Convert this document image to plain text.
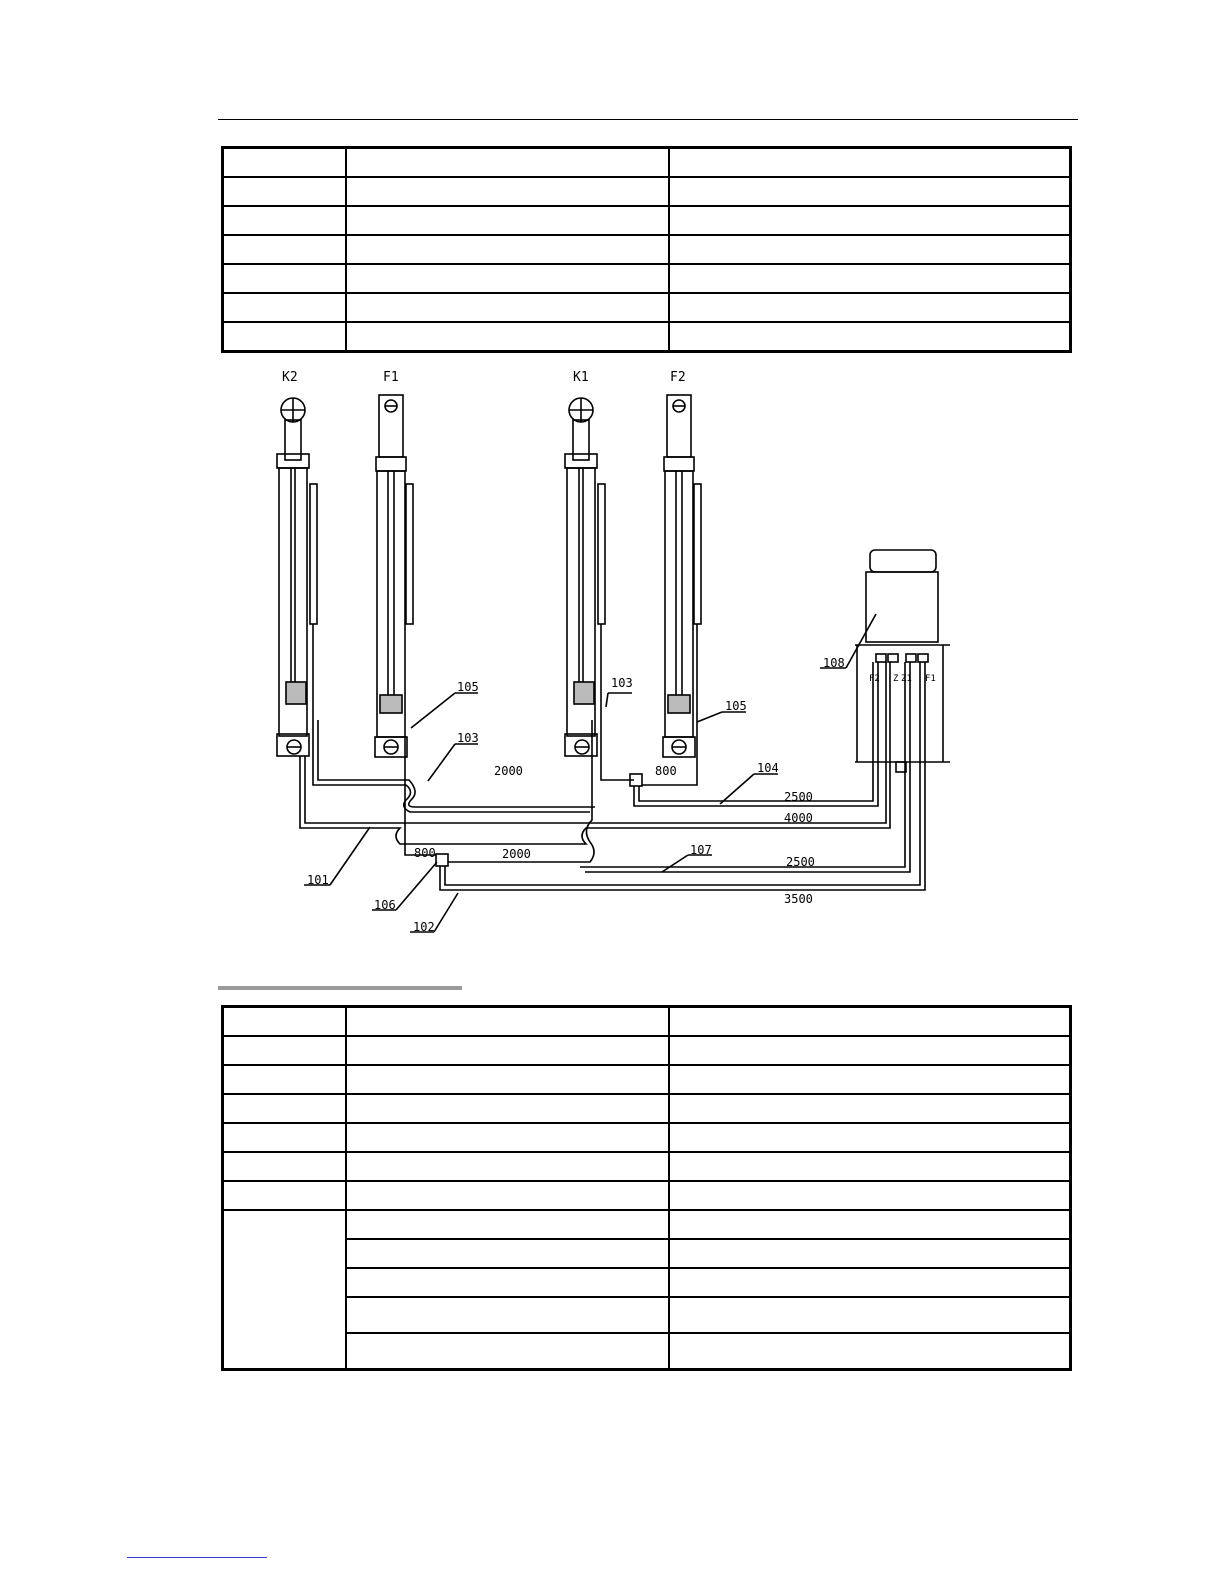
K2	F1	K1	F2
101
102
103
103
104
105
105
106
107
108
2000	800
2500
4000
800	2000
2500
3500
F2 Z Z1 F1
